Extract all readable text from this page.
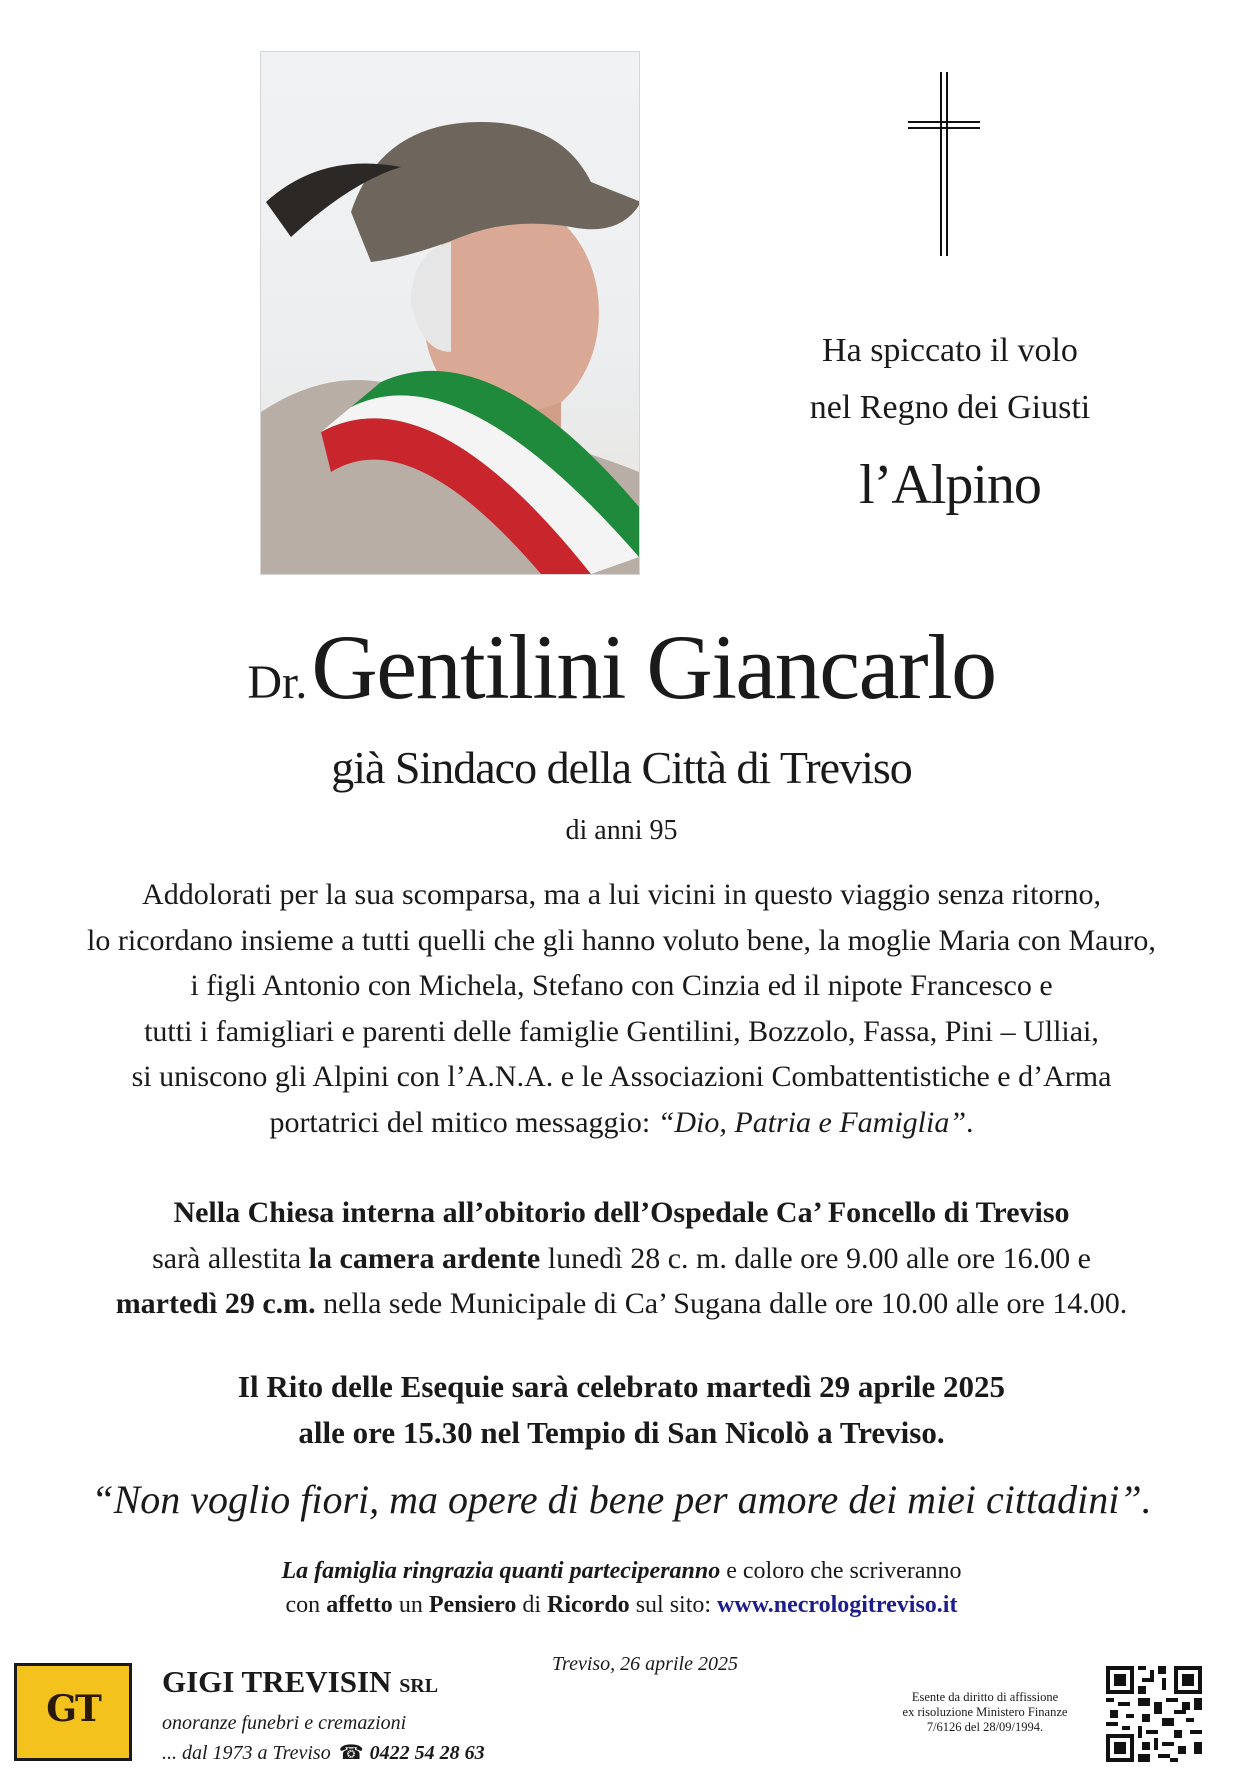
Ha spiccato il volo
nel Regno dei Giusti
l’Alpino
Dr. Gentilini Giancarlo
già Sindaco della Città di Treviso
di anni 95
Addolorati per la sua scomparsa, ma a lui vicini in questo viaggio senza ritorno,
lo ricordano insieme a tutti quelli che gli hanno voluto bene, la moglie Maria con Mauro,
i figli Antonio con Michela, Stefano con Cinzia ed il nipote Francesco e
tutti i famigliari e parenti delle famiglie Gentilini, Bozzolo, Fassa, Pini – Ulliai,
si uniscono gli Alpini con l’A.N.A. e le Associazioni Combattentistiche e d’Arma
portatrici del mitico messaggio: “Dio, Patria e Famiglia”.
Nella Chiesa interna all’obitorio dell’Ospedale Ca’ Foncello di Treviso
sarà allestita la camera ardente lunedì 28 c. m. dalle ore 9.00 alle ore 16.00 e
martedì 29 c.m. nella sede Municipale di Ca’ Sugana dalle ore 10.00 alle ore 14.00.
Il Rito delle Esequie sarà celebrato martedì 29 aprile 2025
alle ore 15.30 nel Tempio di San Nicolò a Treviso.
“Non voglio fiori, ma opere di bene per amore dei miei cittadini”.
La famiglia ringrazia quanti parteciperanno e coloro che scriveranno
con affetto un Pensiero di Ricordo sul sito: www.necrologitreviso.it
GT
GIGI TREVISIN SRL
onoranze funebri e cremazioni
... dal 1973 a Treviso ☎ 0422 54 28 63
Treviso, 26 aprile 2025
Esente da diritto di affissione
ex risoluzione Ministero Finanze
7/6126 del 28/09/1994.
